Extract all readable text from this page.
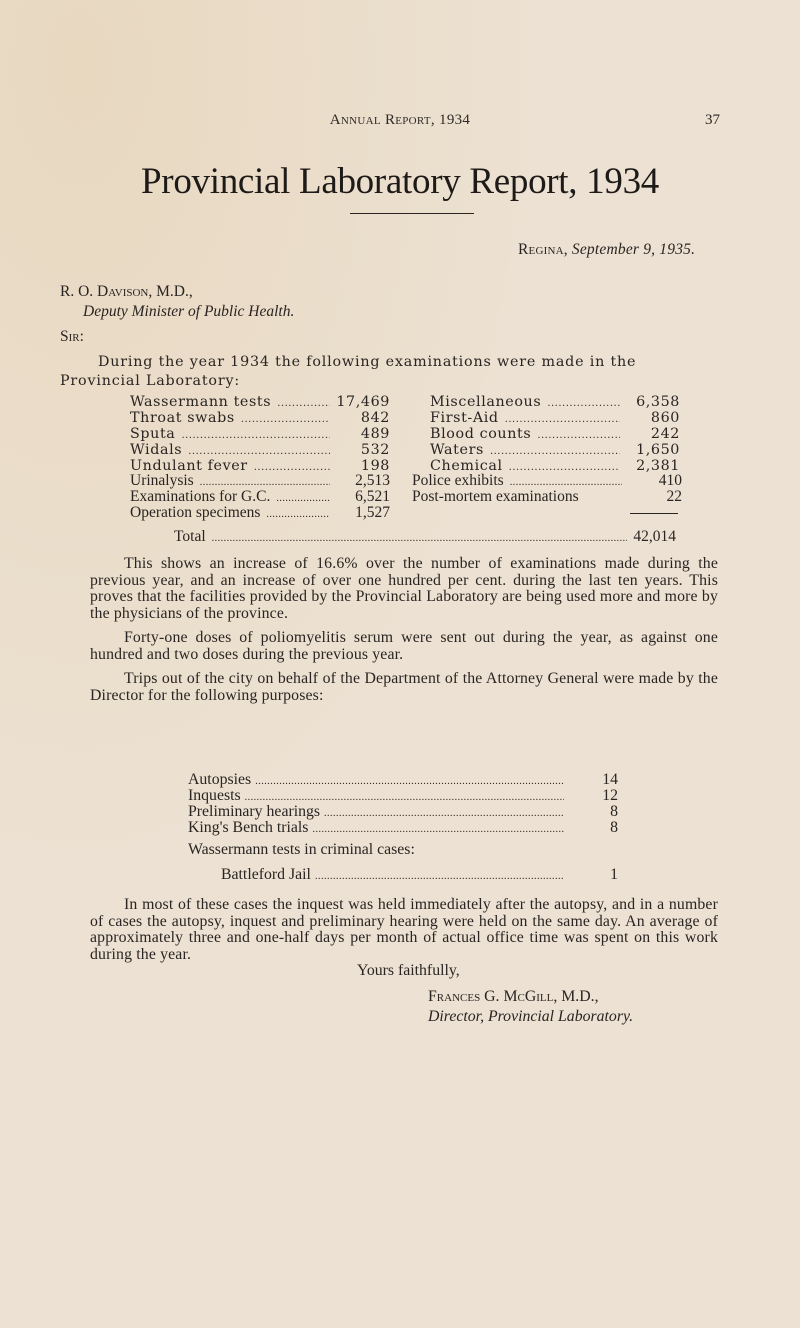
Annual Report, 1934	37
Provincial Laboratory Report, 1934
Regina, September 9, 1935.
R. O. Davison, M.D.,
Deputy Minister of Public Health.
Sir:

During the year 1934 the following examinations were made in the Provincial Laboratory:

Wassermann tests .....	17,469
Throat swabs .....	842
Sputa .....	489
Widals .....	532
Undulant fever .....	198
Miscellaneous .....	6,358
First-Aid .....	860
Blood counts .....	242
Waters .....	1,650
Chemical .....	2,381
Urinalysis .....	2,513
Examinations for G.C. .....	6,521
Operation specimens .....	1,527
Police exhibits .....	410
Post-mortem examinations	22
Total .....	42,014

This shows an increase of 16.6% over the number of examinations made during the previous year, and an increase of over one hundred per cent. during the last ten years. This proves that the facilities provided by the Provincial Laboratory are being used more and more by the physicians of the province.

Forty-one doses of poliomyelitis serum were sent out during the year, as against one hundred and two doses during the previous year.

Trips out of the city on behalf of the Department of the Attorney General were made by the Director for the following purposes:

Autopsies .....	14
Inquests .....	12
Preliminary hearings .....	8
King's Bench trials .....	8
Wassermann tests in criminal cases:
Battleford Jail .....	1

In most of these cases the inquest was held immediately after the autopsy, and in a number of cases the autopsy, inquest and preliminary hearing were held on the same day. An average of approximately three and one-half days per month of actual office time was spent on this work during the year.

Yours faithfully,
Frances G. McGill, M.D.,
Director, Provincial Laboratory.
